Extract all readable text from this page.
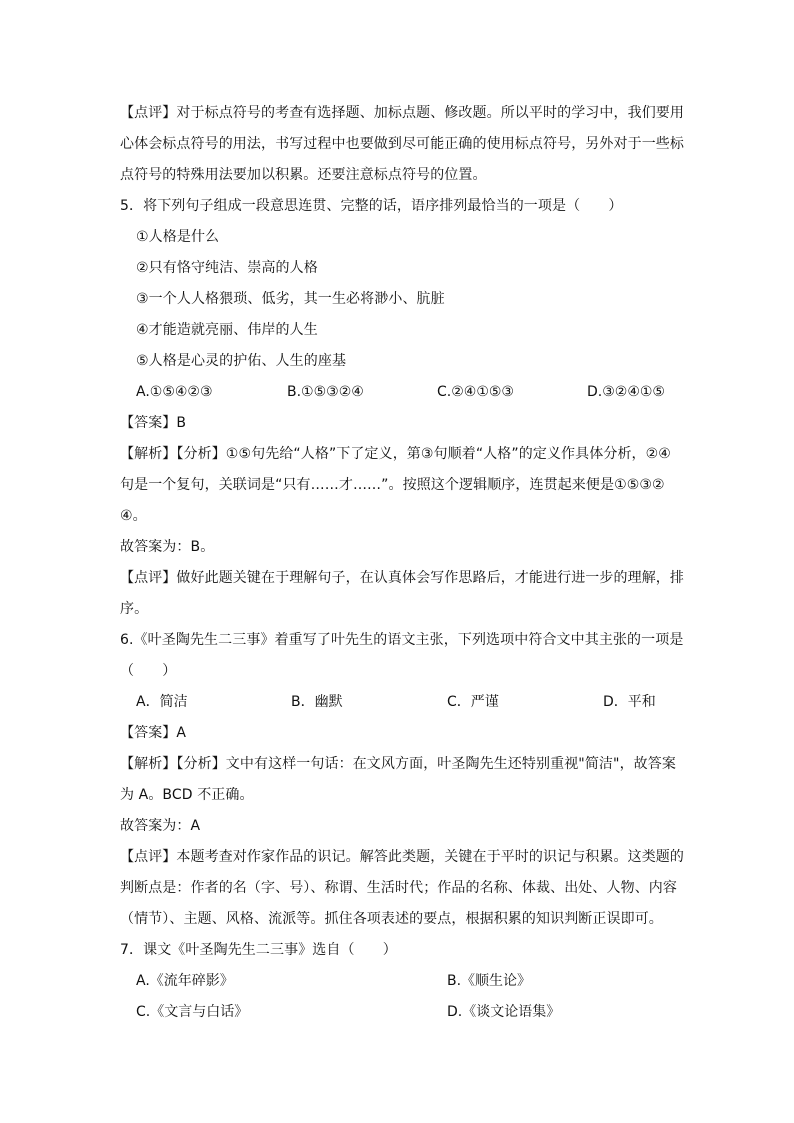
【点评】对于标点符号的考查有选择题、加标点题、修改题。所以平时的学习中，我们要用
心体会标点符号的用法，书写过程中也要做到尽可能正确的使用标点符号，另外对于一些标
点符号的特殊用法要加以积累。还要注意标点符号的位置。
5．将下列句子组成一段意思连贯、完整的话，语序排列最恰当的一项是（　　）
①人格是什么
②只有恪守纯洁、崇高的人格
③一个人人格猥琐、低劣，其一生必将渺小、肮脏
④才能造就亮丽、伟岸的人生
⑤人格是心灵的护佑、人生的座基
A.①⑤④②③	B.①⑤③②④	C.②④①⑤③	D.③②④①⑤
【答案】B
【解析】【分析】①⑤句先给“人格”下了定义，第③句顺着“人格”的定义作具体分析，②④
句是一个复句，关联词是“只有……才……”。按照这个逻辑顺序，连贯起来便是①⑤③②
④。
故答案为：B。
【点评】做好此题关键在于理解句子，在认真体会写作思路后，才能进行进一步的理解，排
序。
6.《叶圣陶先生二三事》着重写了叶先生的语文主张，下列选项中符合文中其主张的一项是
（　　）
A．简洁	B．幽默	C．严谨	D．平和
【答案】A
【解析】【分析】文中有这样一句话：在文风方面，叶圣陶先生还特别重视"简洁"，故答案
为 A。BCD 不正确。
故答案为：A
【点评】本题考查对作家作品的识记。解答此类题，关键在于平时的识记与积累。这类题的
判断点是：作者的名（字、号）、称谓、生活时代；作品的名称、体裁、出处、人物、内容
（情节）、主题、风格、流派等。抓住各项表述的要点，根据积累的知识判断正误即可。
7．课文《叶圣陶先生二三事》选自（　　）
A.《流年碎影》	B.《顺生论》
C.《文言与白话》	D.《谈文论语集》
